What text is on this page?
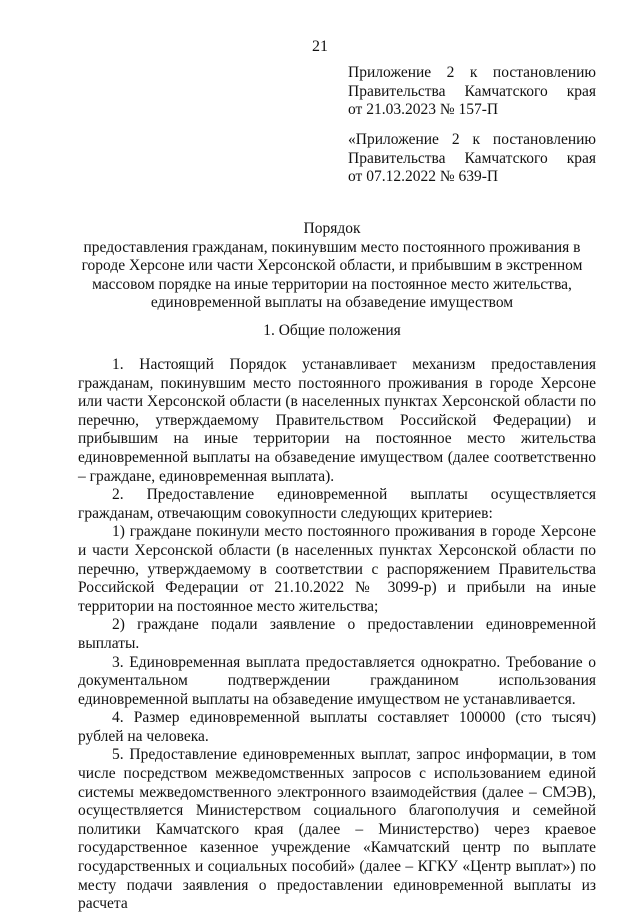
21
Приложение 2 к постановлению
Правительства Камчатского края
от 21.03.2023 № 157-П
«Приложение 2 к постановлению
Правительства Камчатского края
от 07.12.2022 № 639-П
Порядок
предоставления гражданам, покинувшим место постоянного проживания в
городе Херсоне или части Херсонской области, и прибывшим в экстренном
массовом порядке на иные территории на постоянное место жительства,
единовременной выплаты на обзаведение имуществом
1. Общие положения

1. Настоящий Порядок устанавливает механизм предоставления гражданам, покинувшим место постоянного проживания в городе Херсоне или части Херсонской области (в населенных пунктах Херсонской области по перечню, утверждаемому Правительством Российской Федерации) и прибывшим на иные территории на постоянное место жительства единовременной выплаты на обзаведение имуществом (далее соответственно – граждане, единовременная выплата).

2. Предоставление единовременной выплаты осуществляется гражданам, отвечающим совокупности следующих критериев:

1) граждане покинули место постоянного проживания в городе Херсоне и части Херсонской области (в населенных пунктах Херсонской области по перечню, утверждаемому в соответствии с распоряжением Правительства Российской Федерации от 21.10.2022 № 3099-р) и прибыли на иные территории на постоянное место жительства;

2) граждане подали заявление о предоставлении единовременной выплаты.

3. Единовременная выплата предоставляется однократно. Требование о документальном подтверждении гражданином использования единовременной выплаты на обзаведение имуществом не устанавливается.

4. Размер единовременной выплаты составляет 100000 (сто тысяч) рублей на человека.

5. Предоставление единовременных выплат, запрос информации, в том числе посредством межведомственных запросов с использованием единой системы межведомственного электронного взаимодействия (далее – СМЭВ), осуществляется Министерством социального благополучия и семейной политики Камчатского края (далее – Министерство) через краевое государственное казенное учреждение «Камчатский центр по выплате государственных и социальных пособий» (далее – КГКУ «Центр выплат») по месту подачи заявления о предоставлении единовременной выплаты из расчета
